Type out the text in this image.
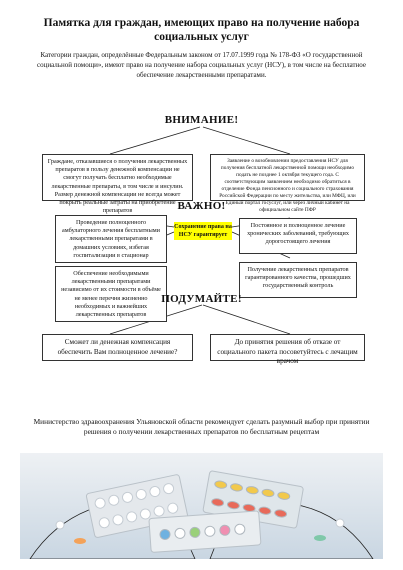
Памятка для граждан, имеющих право на получение набора социальных услуг
Категории граждан, определённые Федеральным законом от 17.07.1999 года № 178-ФЗ «О государственной социальной помощи», имеют право на получение набора социальных услуг (НСУ), в том числе на бесплатное обеспечение лекарственными препаратами.
ВНИМАНИЕ!
Граждане, отказавшиеся о получения лекарственных препаратов в пользу денежной компенсации не смогут получать бесплатно необходимые лекарственные препараты, в том числе и инсулин. Размер денежной компенсации не всегда может покрыть реальные затраты на приобретение препаратов
Заявление о возобновлении предоставления НСУ для получения бесплатной лекарственной помощи необходимо подать не позднее 1 октября текущего года. С соответствующим заявлением необходимо обратиться в отделение Фонда пенсионного и социального страхования Российской Федерации по месту жительства, или МФЦ, или Единый портал госуслуг, или через личный кабинет на официальном сайте ПФР
ВАЖНО!
Проведение полноценного амбулаторного лечения бесплатными лекарственными препаратами в домашних условиях, избегая госпитализации в стационар
Обеспечение необходимыми лекарственными препаратами независимо от их стоимости в объёме не менее перечня жизненно необходимых и важнейших лекарственных препаратов
Сохранение права на НСУ гарантирует
Постоянное и полноценное лечение хронических заболеваний, требующих дорогостоящего лечения
Получение лекарственных препаратов гарантированного качества, прошедших государственный контроль
ПОДУМАЙТЕ!
Сможет ли денежная компенсация обеспечить Вам полноценное лечение?
До принятия решения об отказе от социального пакета посоветуйтесь с лечащим врачом
Министерство здравоохранения Ульяновской области рекомендует сделать разумный выбор при принятии решения о получении лекарственных препаратов по бесплатным рецептам
